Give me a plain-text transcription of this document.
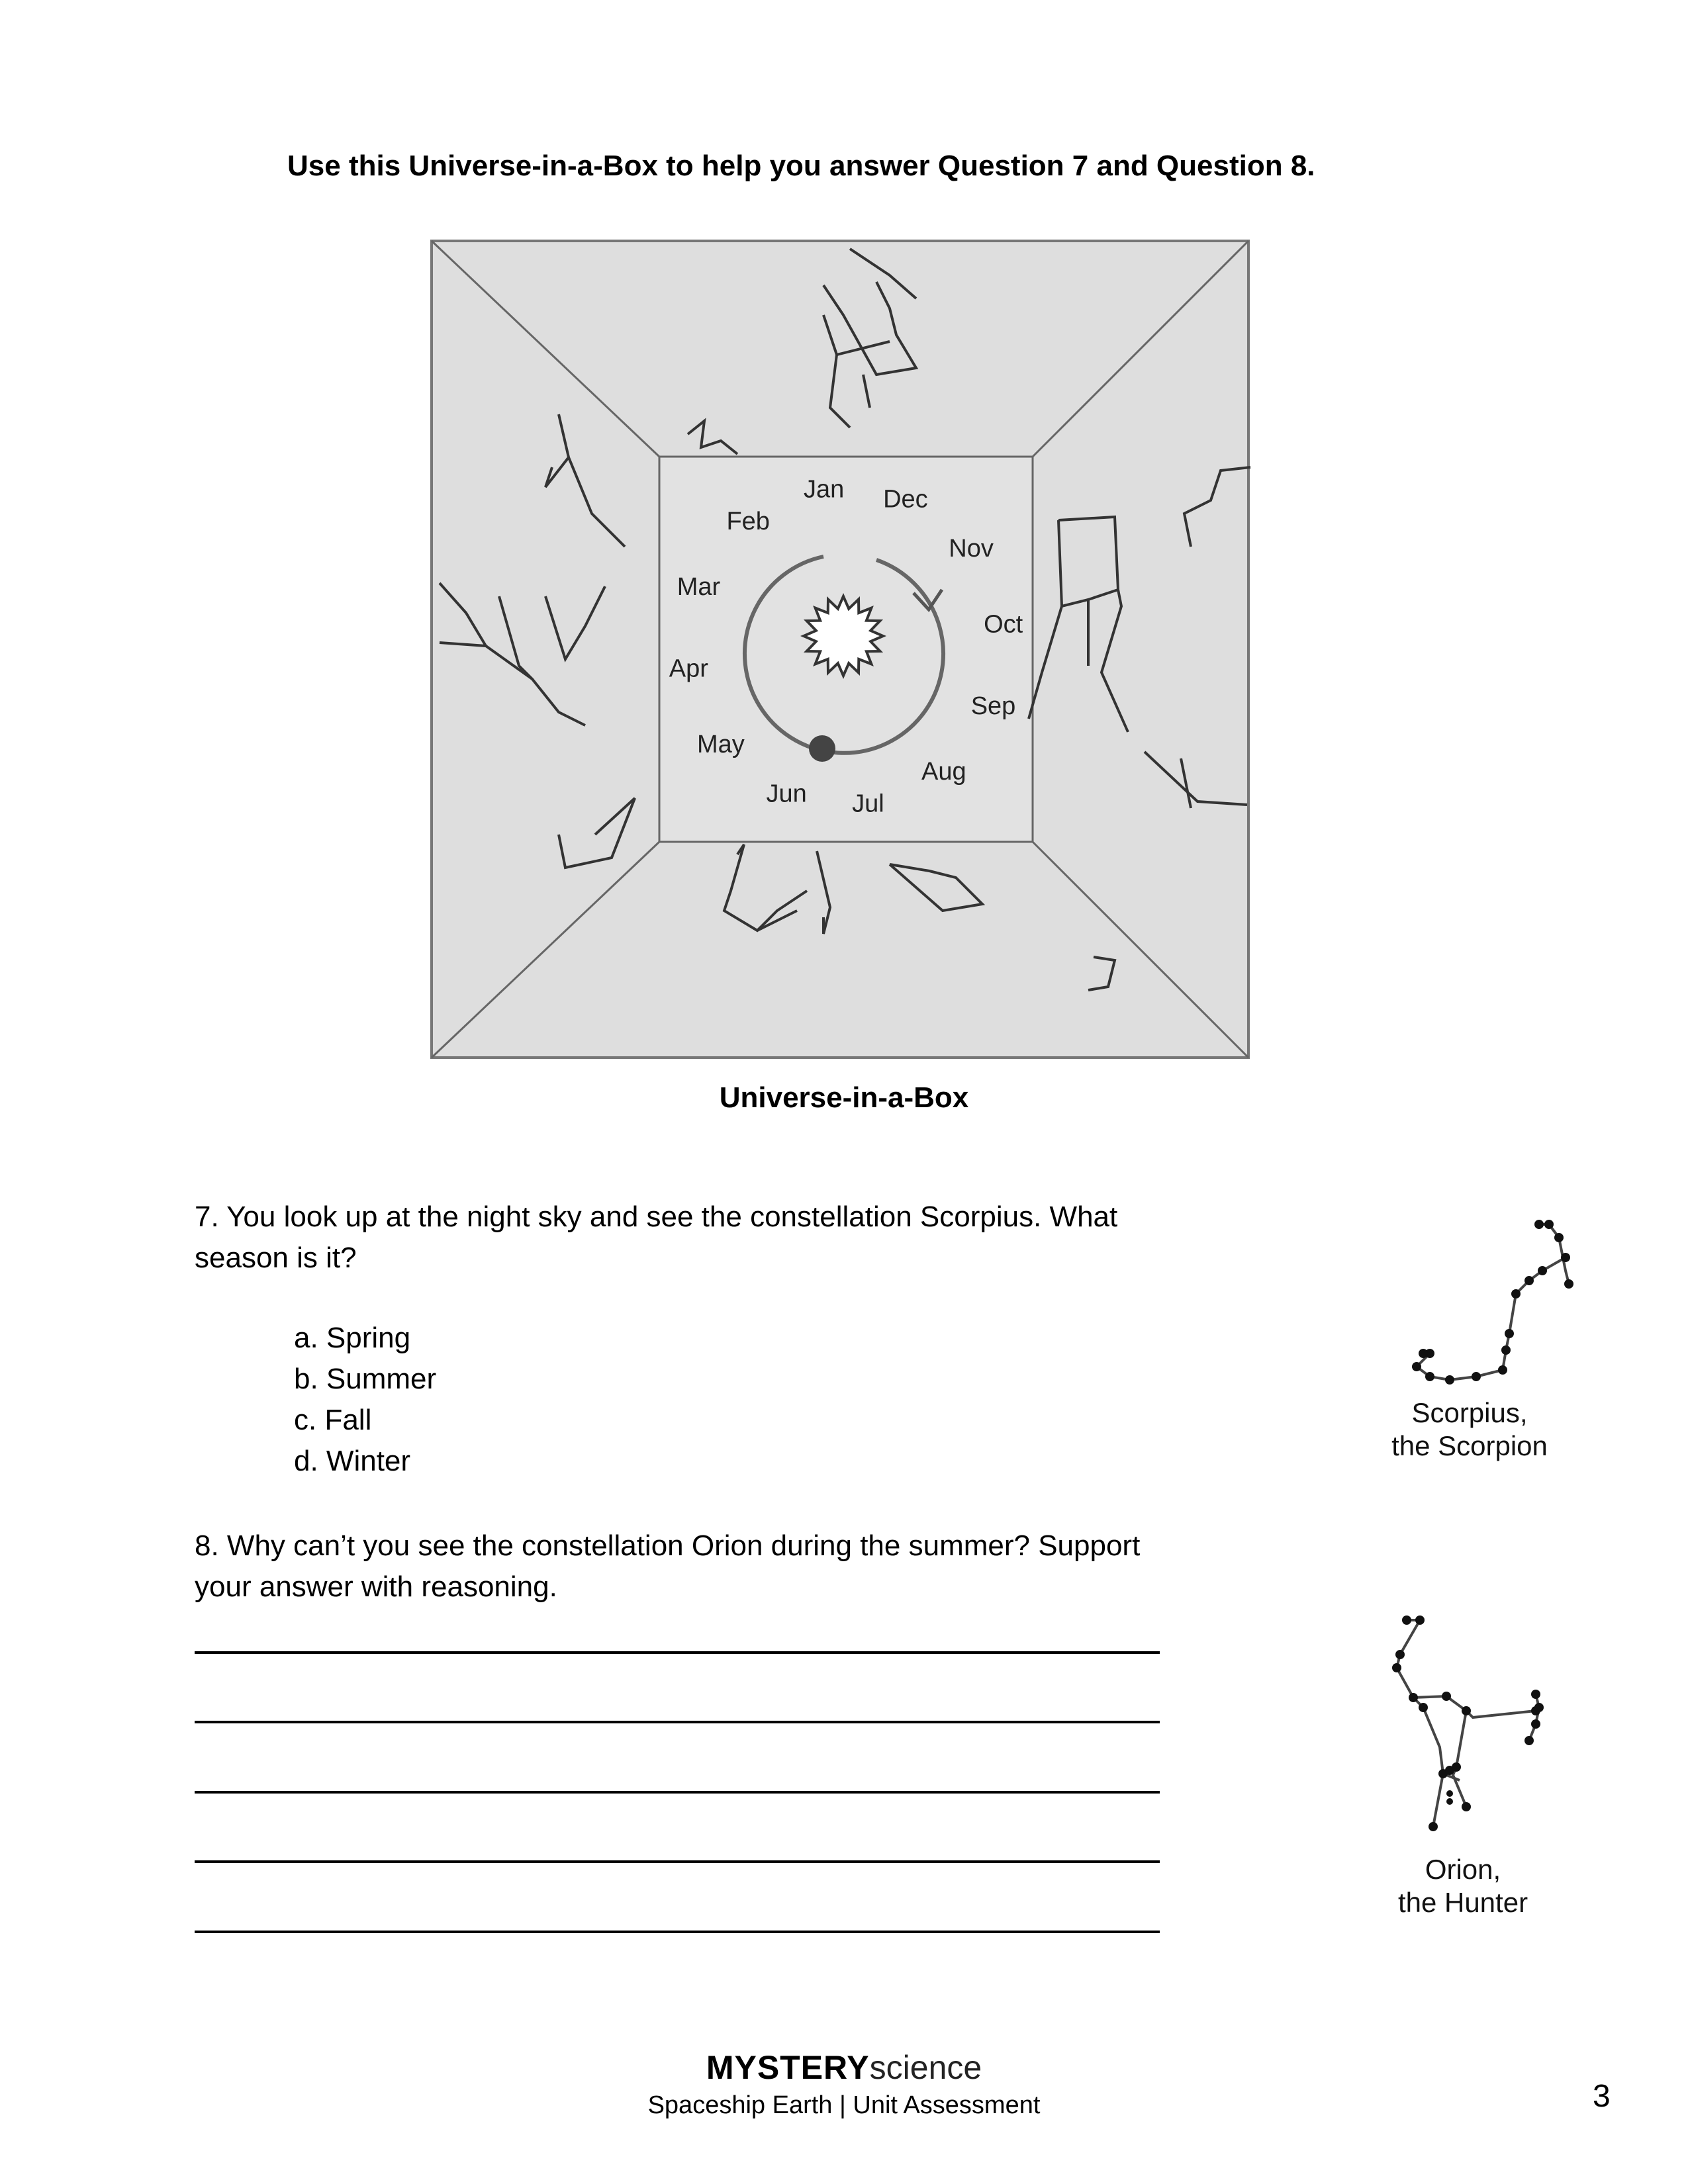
Use this Universe-in-a-Box to help you answer Question 7 and Question 8.
Jan Dec
Nov
Oct
Sep
Aug
Jul
Jun
May
Apr
Mar
Feb
Universe-in-a-Box
7. You look up at the night sky and see the constellation Scorpius. What season is it?
a. Spring
b. Summer
c. Fall
d. Winter
Scorpius,
the Scorpion
8. Why can’t you see the constellation Orion during the summer? Support your answer with reasoning.
Orion,
the Hunter
MYSTERYscience
Spaceship Earth | Unit Assessment	3
